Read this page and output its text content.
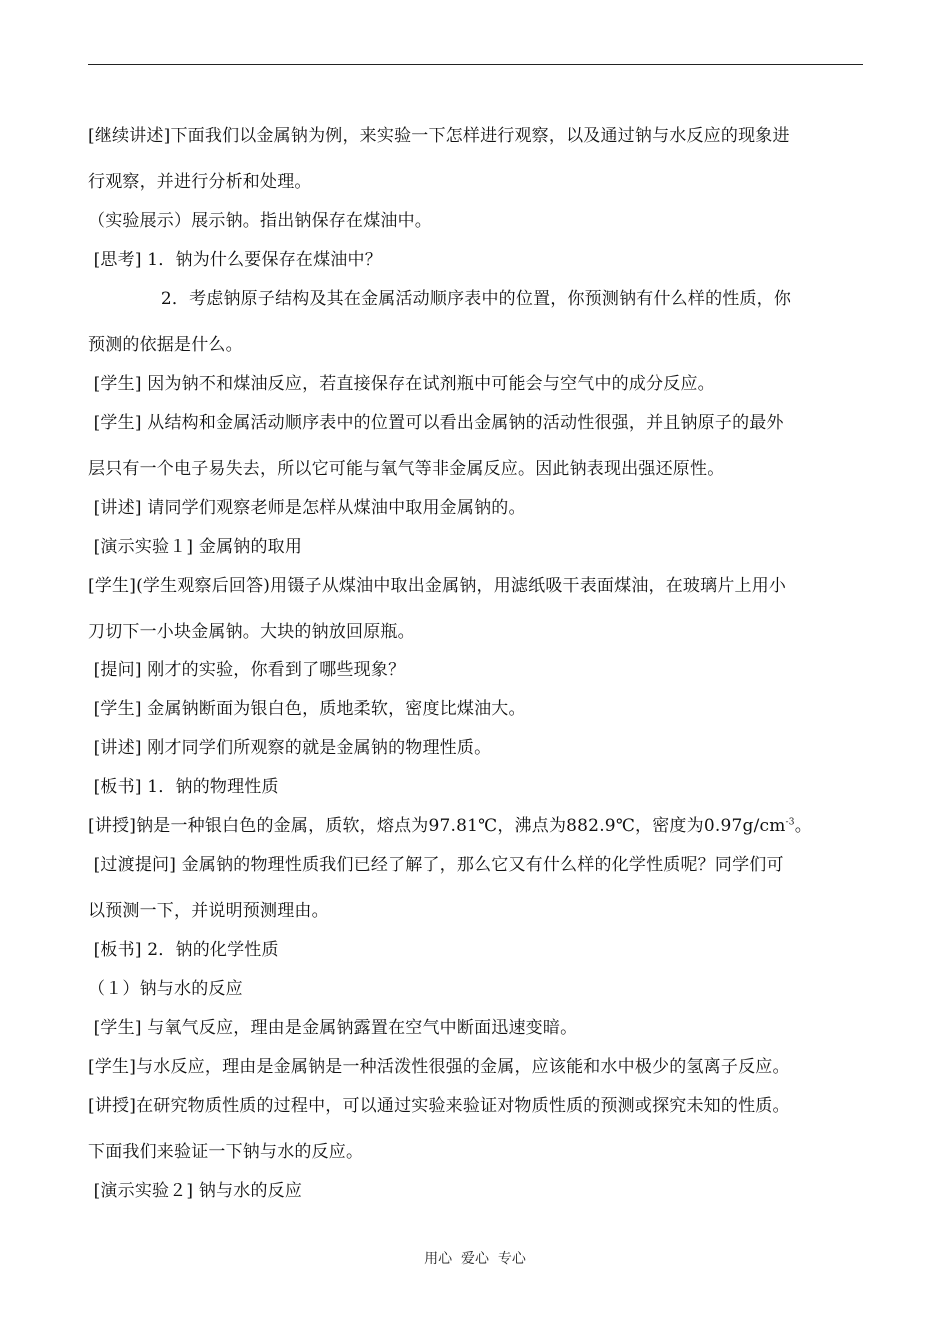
[继续讲述]下面我们以金属钠为例，来实验一下怎样进行观察，以及通过钠与水反应的现象进
行观察，并进行分析和处理。
（实验展示）展示钠。指出钠保存在煤油中。
[思考] 1．钠为什么要保存在煤油中？
2．考虑钠原子结构及其在金属活动顺序表中的位置，你预测钠有什么样的性质，你
预测的依据是什么。
[学生] 因为钠不和煤油反应，若直接保存在试剂瓶中可能会与空气中的成分反应。
[学生] 从结构和金属活动顺序表中的位置可以看出金属钠的活动性很强，并且钠原子的最外
层只有一个电子易失去，所以它可能与氧气等非金属反应。因此钠表现出强还原性。
[讲述] 请同学们观察老师是怎样从煤油中取用金属钠的。
[演示实验１] 金属钠的取用
[学生](学生观察后回答)用镊子从煤油中取出金属钠，用滤纸吸干表面煤油，在玻璃片上用小
刀切下一小块金属钠。大块的钠放回原瓶。
[提问] 刚才的实验，你看到了哪些现象？
[学生] 金属钠断面为银白色，质地柔软，密度比煤油大。
[讲述] 刚才同学们所观察的就是金属钠的物理性质。
[板书] 1．钠的物理性质
[讲授]钠是一种银白色的金属，质软，熔点为97.81℃，沸点为882.9℃，密度为$0.97g/cm^{-3}$。
[过渡提问] 金属钠的物理性质我们已经了解了，那么它又有什么样的化学性质呢？同学们可
以预测一下，并说明预测理由。
[板书] 2．钠的化学性质
（１）钠与水的反应
[学生] 与氧气反应，理由是金属钠露置在空气中断面迅速变暗。
[学生]与水反应，理由是金属钠是一种活泼性很强的金属，应该能和水中极少的氢离子反应。
[讲授]在研究物质性质的过程中，可以通过实验来验证对物质性质的预测或探究未知的性质。
下面我们来验证一下钠与水的反应。
[演示实验２] 钠与水的反应
用心  爱心  专心
